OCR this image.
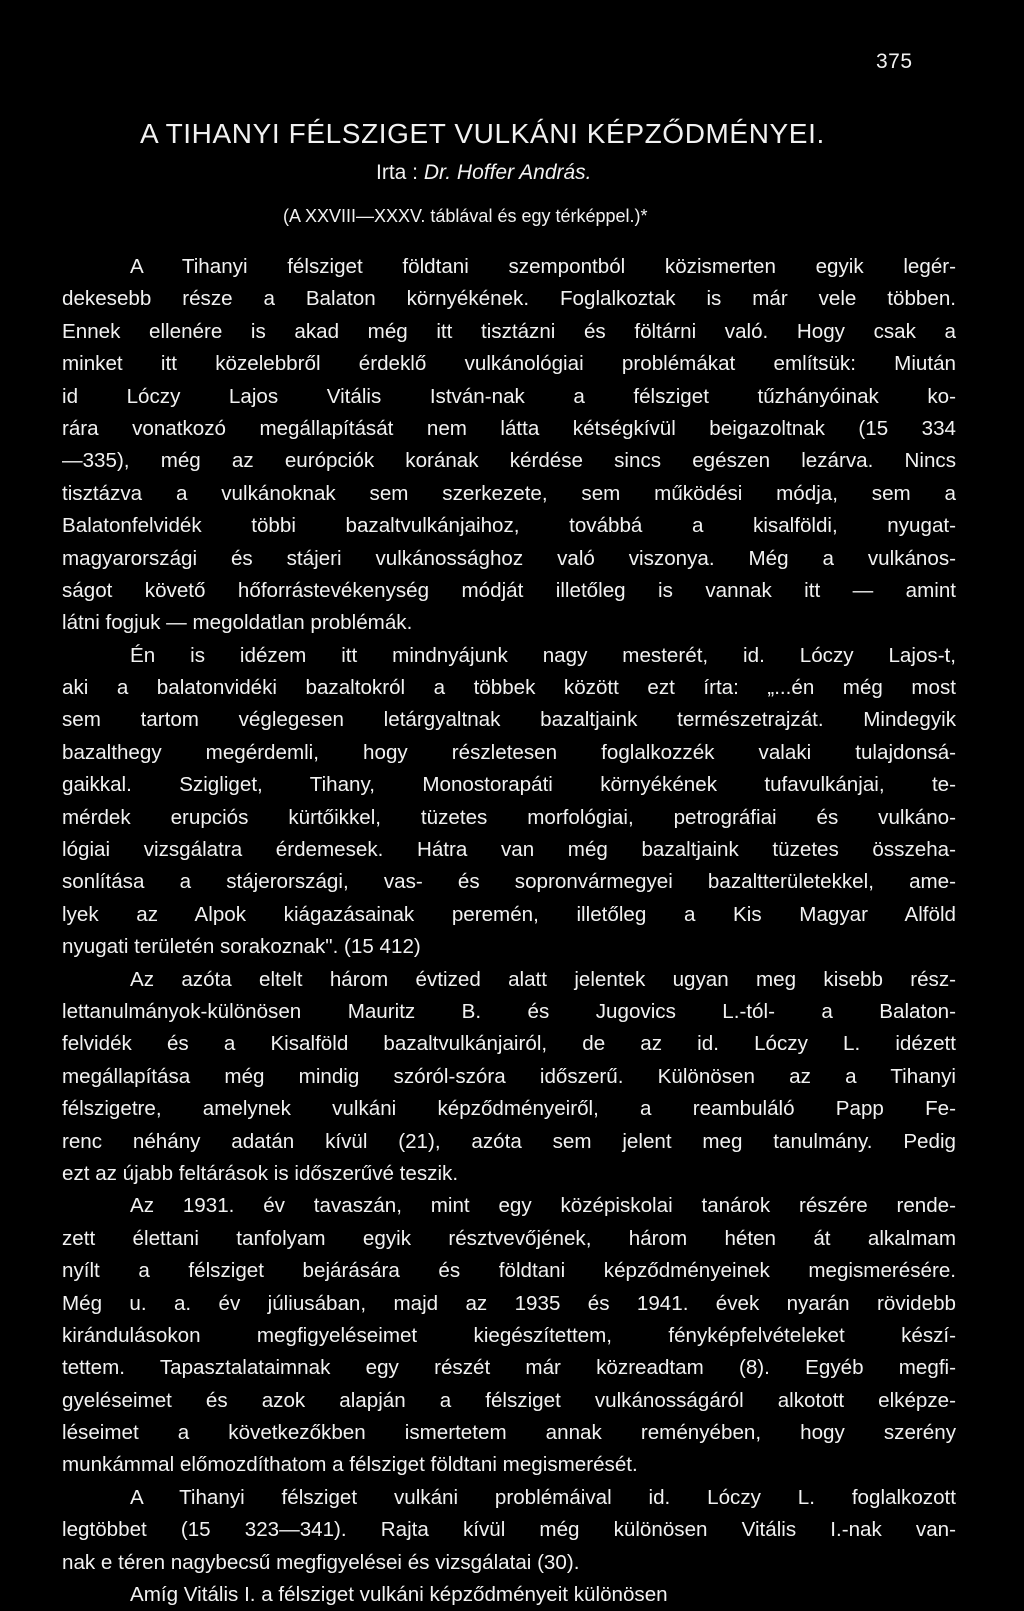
375
A TIHANYI FÉLSZIGET VULKÁNI KÉPZŐDMÉNYEI.
Irta : Dr. Hoffer András.
(A XXVIII—XXXV. táblával és egy térképpel.)*
A Tihanyi félsziget földtani szempontból közismerten egyik legér-
dekesebb része a Balaton környékének. Foglalkoztak is már vele többen.
Ennek ellenére is akad még itt tisztázni és föltárni való. Hogy csak a
minket itt közelebbről érdeklő vulkánológiai problémákat említsük: Miután
id Lóczy Lajos Vitális István-nak a félsziget tűzhányóinak ko-
rára vonatkozó megállapítását nem látta kétségkívül beigazoltnak (15 334
—335), még az euróрciók korának kérdése sincs egészen lezárva. Nincs
tisztázva a vulkánoknak sem szerkezete, sem működési módja, sem a
Balatonfelvidék többi bazaltvulkánjaihoz, továbbá a kisalföldi, nyugat-
magyarországi és stájeri vulkánossághoz való viszonya. Még a vulkános-
ságot követő hőforrástevékenység módját illetőleg is vannak itt — amint
látni fogjuk — megoldatlan problémák.
Én is idézem itt mindnyájunk nagy mesterét, id. Lóczy Lajos-t,
aki a balatonvidéki bazaltokról a többek között ezt írta: „...én még most
sem tartom véglegesen letárgyaltnak bazaltjaink természetrajzát. Mindegyik
bazalthegy megérdemli, hogy részletesen foglalkozzék valaki tulajdonsá-
gaikkal. Szigliget, Tihany, Monostorapáti környékének tufavulkánjai, te-
mérdek erupciós kürtőikkel, tüzetes morfológiai, petrográfiai és vulkáno-
lógiai vizsgálatra érdemesek. Hátra van még bazaltjaink tüzetes összeha-
sonlítása a stájerországi, vas- és sopronvármegyei bazaltterületekkel, ame-
lyek az Alpok kiágazásainak peremén, illetőleg a Kis Magyar Alföld
nyugati területén sorakoznak". (15 412)
Az azóta eltelt három évtized alatt jelentek ugyan meg kisebb rész-
lettanulmányok-különösen Mauritz B. és Jugovics L.-tól- a Balaton-
felvidék és a Kisalföld bazaltvulkánjairól, de az id. Lóczy L. idézett
megállapítása még mindig szóról-szóra időszerű. Különösen az a Tihanyi
félszigetre, amelynek vulkáni képződményeiről, a reambuláló Papp Fe-
renc néhány adatán kívül (21), azóta sem jelent meg tanulmány. Pedig
ezt az újabb feltárások is időszerűvé teszik.
Az 1931. év tavaszán, mint egy középiskolai tanárok részére rende-
zett élettani tanfolyam egyik résztvevőjének, három héten át alkalmam
nyílt a félsziget bejárására és földtani képződményeinek megismerésére.
Még u. a. év júliusában, majd az 1935 és 1941. évek nyarán rövidebb
kirándulásokon megfigyeléseimet kiegészítettem, fényképfelvételeket készí-
tettem. Tapasztalataimnak egy részét már közreadtam (8). Egyéb megfi-
gyeléseimet és azok alapján a félsziget vulkánosságáról alkotott elképze-
léseimet a következőkben ismertetem annak reményében, hogy szerény
munkámmal előmozdíthatom a félsziget földtani megismerését.
A Tihanyi félsziget vulkáni problémáival id. Lóczy L. foglalkozott
legtöbbet (15 323—341). Rajta kívül még különösen Vitális I.-nak van-
nak e téren nagybecsű megfigyelései és vizsgálatai (30).
Amíg Vitális I. a félsziget vulkáni képződményeit különösen
